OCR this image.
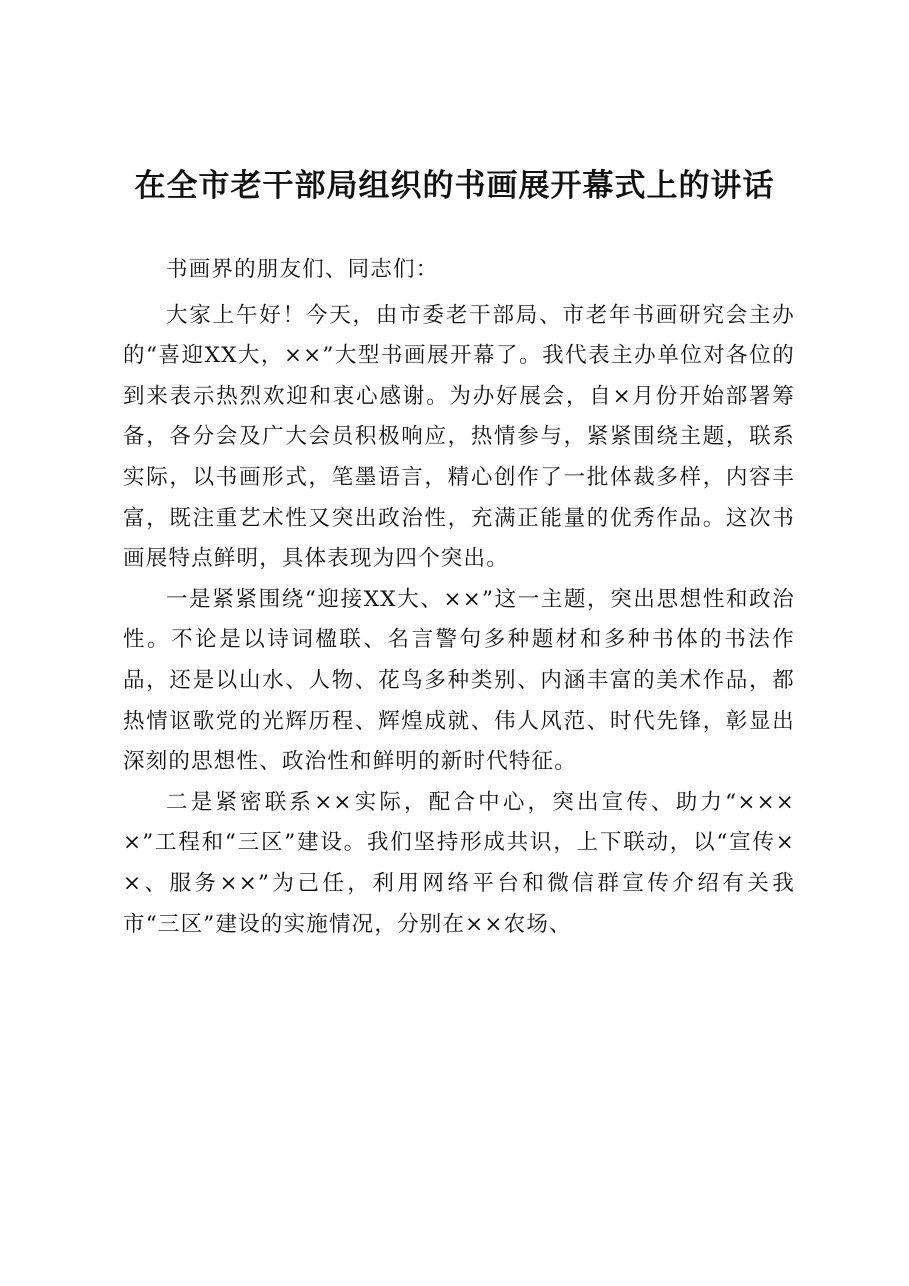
在全市老干部局组织的书画展开幕式上的讲话

书画界的朋友们、同志们：

大家上午好！今天，由市委老干部局、市老年书画研究会主办的“喜迎XX大，××”大型书画展开幕了。我代表主办单位对各位的到来表示热烈欢迎和衷心感谢。为办好展会，自×月份开始部署筹备，各分会及广大会员积极响应，热情参与，紧紧围绕主题，联系实际，以书画形式，笔墨语言，精心创作了一批体裁多样，内容丰富，既注重艺术性又突出政治性，充满正能量的优秀作品。这次书画展特点鲜明，具体表现为四个突出。

一是紧紧围绕“迎接XX大、××”这一主题，突出思想性和政治性。不论是以诗词楹联、名言警句多种题材和多种书体的书法作品，还是以山水、人物、花鸟多种类别、内涵丰富的美术作品，都热情讴歌党的光辉历程、辉煌成就、伟人风范、时代先锋，彰显出深刻的思想性、政治性和鲜明的新时代特征。

二是紧密联系××实际，配合中心，突出宣传、助力“××××”工程和“三区”建设。我们坚持形成共识，上下联动，以“宣传××、服务××”为己任，利用网络平台和微信群宣传介绍有关我市“三区”建设的实施情况，分别在××农场、
